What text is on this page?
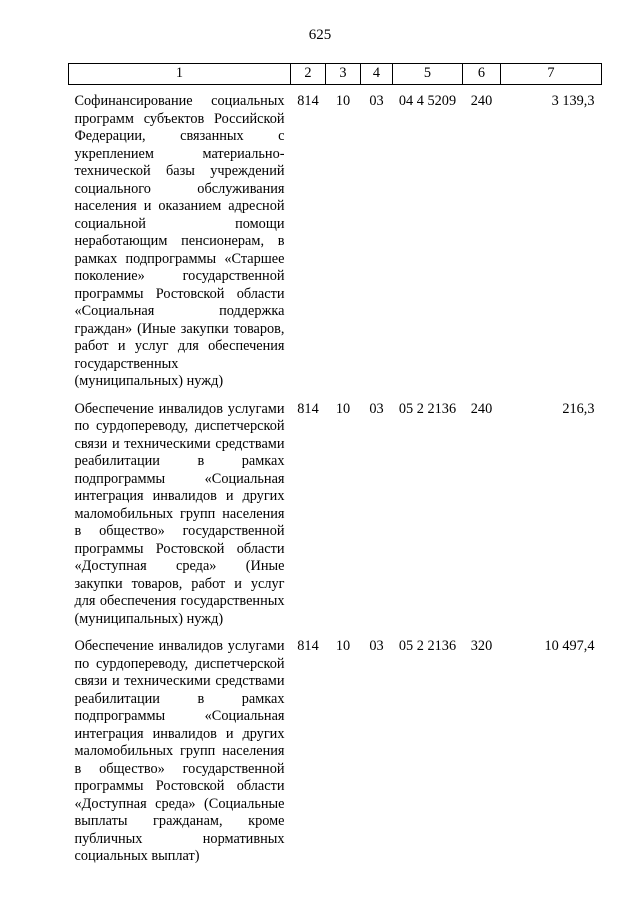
625
1	2	3	4	5	6	7

Софинансирование социальных программ субъектов Российской Федерации, связанных с укреплением материально-технической базы учреждений социального обслуживания населения и оказанием адресной социальной помощи неработающим пенсионерам, в рамках подпрограммы «Старшее поколение» государственной программы Ростовской области «Социальная поддержка граждан» (Иные закупки товаров, работ и услуг для обеспечения государственных (муниципальных) нужд)	814	10	03	04 4 5209	240	3 139,3

Обеспечение инвалидов услугами по сурдопереводу, диспетчерской связи и техническими средствами реабилитации в рамках подпрограммы «Социальная интеграция инвалидов и других маломобильных групп населения в общество» государственной программы Ростовской области «Доступная среда» (Иные закупки товаров, работ и услуг для обеспечения государственных (муниципальных) нужд)	814	10	03	05 2 2136	240	216,3

Обеспечение инвалидов услугами по сурдопереводу, диспетчерской связи и техническими средствами реабилитации в рамках подпрограммы «Социальная интеграция инвалидов и других маломобильных групп населения в общество» государственной программы Ростовской области «Доступная среда» (Социальные выплаты гражданам, кроме публичных нормативных социальных выплат)	814	10	03	05 2 2136	320	10 497,4
